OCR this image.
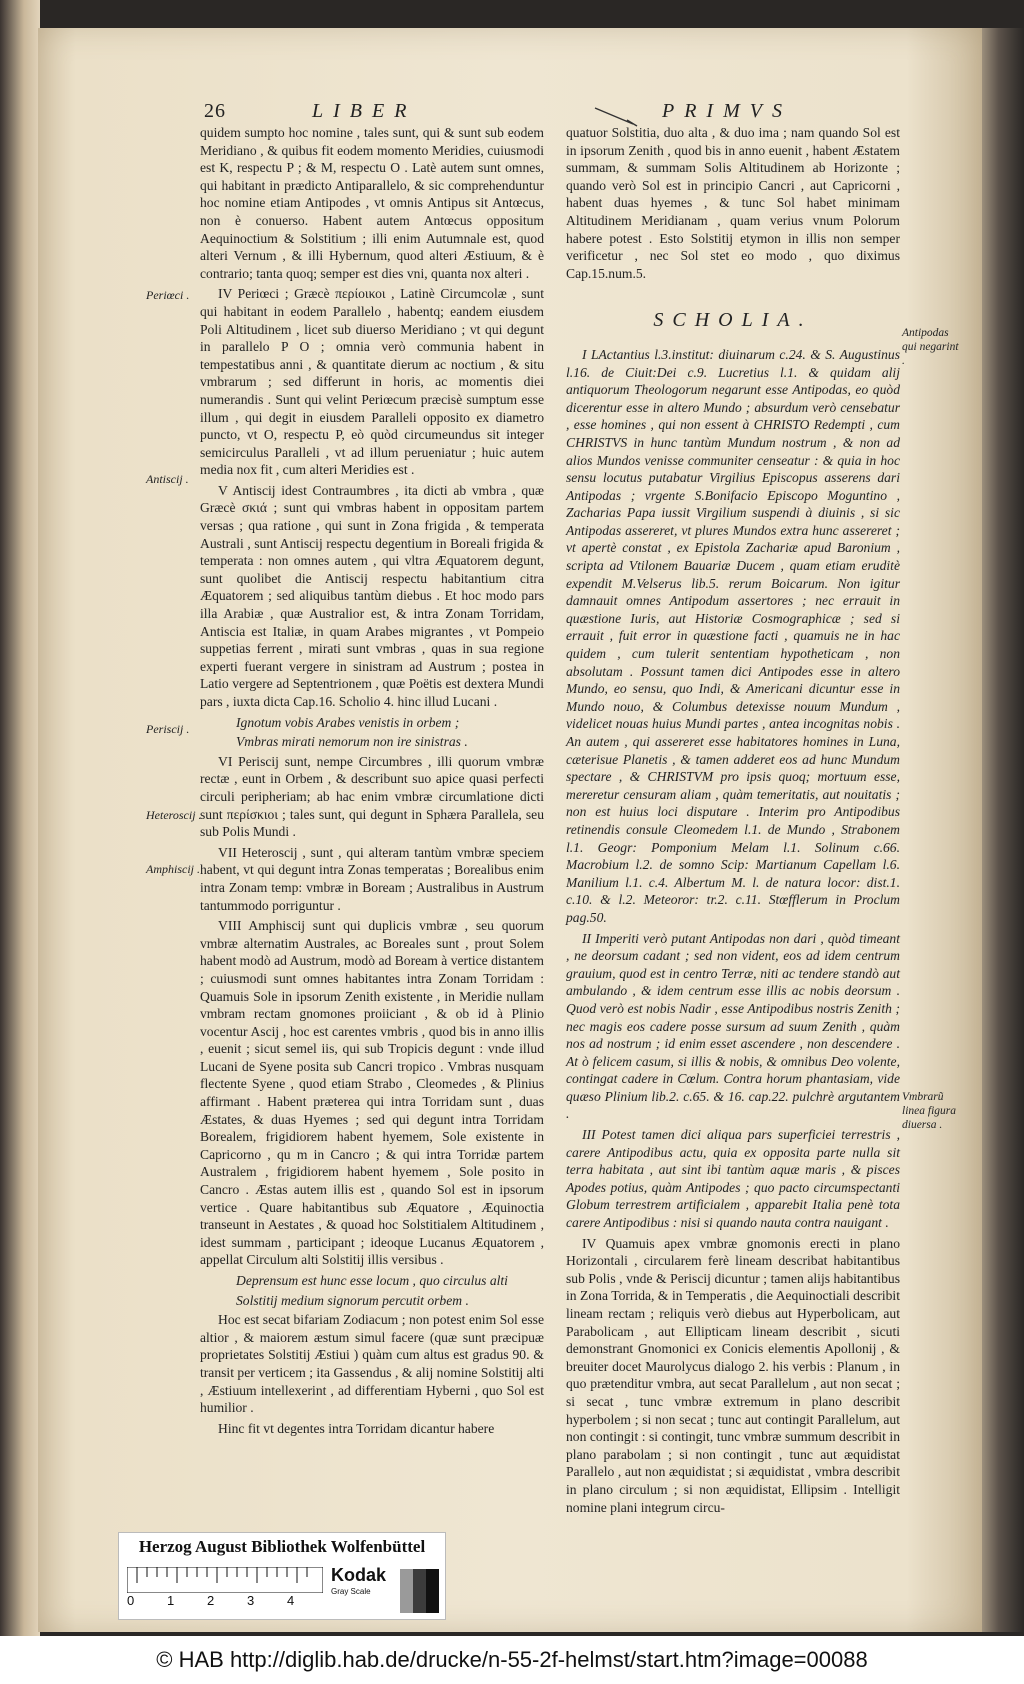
26	LIBER	PRIMVS
Periœci .
Antiscij .
Periscij .
Heteroscij .
Amphiscij .

quidem sumpto hoc nomine , tales sunt, qui & sunt sub eodem Meridiano , & quibus fit eodem momento Meridies, cuiusmodi est K, respectu P ; & M, respectu O . Latè autem sunt omnes, qui habitant in prædicto Antiparallelo, & sic comprehenduntur hoc nomine etiam Antipodes , vt omnis Antipus sit Antœcus, non è conuerso. Habent autem Antœcus oppositum Aequinoctium & Solstitium ; illi enim Autumnale est, quod alteri Vernum , & illi Hybernum, quod alteri Æstiuum, & è contrario; tanta quoq; semper est dies vni, quanta nox alteri .

IV Periœci ; Græcè περίοικοι , Latinè Circumcolæ , sunt qui habitant in eodem Parallelo , habentq; eandem eiusdem Poli Altitudinem , licet sub diuerso Meridiano ; vt qui degunt in parallelo P O ; omnia verò communia habent in tempestatibus anni , & quantitate dierum ac noctium , & situ vmbrarum ; sed differunt in horis, ac momentis diei numerandis . Sunt qui velint Periœcum præcisè sumptum esse illum , qui degit in eiusdem Paralleli opposito ex diametro puncto, vt O, respectu P, eò quòd circumeundus sit integer semicirculus Paralleli , vt ad illum perueniatur ; huic autem media nox fit , cum alteri Meridies est .

V Antiscij idest Contraumbres , ita dicti ab vmbra , quæ Græcè σκιά ; sunt qui vmbras habent in oppositam partem versas ; qua ratione , qui sunt in Zona frigida , & temperata Australi , sunt Antiscij respectu degentium in Boreali frigida & temperata : non omnes autem , qui vltra Æquatorem degunt, sunt quolibet die Antiscij respectu habitantium citra Æquatorem ; sed aliquibus tantùm diebus . Et hoc modo pars illa Arabiæ , quæ Australior est, & intra Zonam Torridam, Antiscia est Italiæ, in quam Arabes migrantes , vt Pompeio suppetias ferrent , mirati sunt vmbras , quas in sua regione experti fuerant vergere in sinistram ad Austrum ; postea in Latio vergere ad Septentrionem , quæ Poëtis est dextera Mundi pars , iuxta dicta Cap.16. Scholio 4. hinc illud Lucani .

Ignotum vobis Arabes venistis in orbem ;

Vmbras mirati nemorum non ire sinistras .

VI Periscij sunt, nempe Circumbres , illi quorum vmbræ rectæ , eunt in Orbem , & describunt suo apice quasi perfecti circuli peripheriam; ab hac enim vmbræ circumlatione dicti sunt περίσκιοι ; tales sunt, qui degunt in Sphæra Parallela, seu sub Polis Mundi .

VII Heteroscij , sunt , qui alteram tantùm vmbræ speciem habent, vt qui degunt intra Zonas temperatas ; Borealibus enim intra Zonam temp: vmbræ in Boream ; Australibus in Austrum tantummodo porriguntur .

VIII Amphiscij sunt qui duplicis vmbræ , seu quorum vmbræ alternatim Australes, ac Boreales sunt , prout Solem habent modò ad Austrum, modò ad Boream à vertice distantem ; cuiusmodi sunt omnes habitantes intra Zonam Torridam : Quamuis Sole in ipsorum Zenith existente , in Meridie nullam vmbram rectam gnomones proiiciant , & ob id à Plinio vocentur Ascij , hoc est carentes vmbris , quod bis in anno illis , euenit ; sicut semel iis, qui sub Tropicis degunt : vnde illud Lucani de Syene posita sub Cancri tropico . Vmbras nusquam flectente Syene , quod etiam Strabo , Cleomedes , & Plinius affirmant . Habent præterea qui intra Torridam sunt , duas Æstates, & duas Hyemes ; sed qui degunt intra Torridam Borealem, frigidiorem habent hyemem, Sole existente in Capricorno , qu m in Cancro ; & qui intra Torridæ partem Australem , frigidiorem habent hyemem , Sole posito in Cancro . Æstas autem illis est , quando Sol est in ipsorum vertice . Quare habitantibus sub Æquatore , Æquinoctia transeunt in Aestates , & quoad hoc Solstitialem Altitudinem , idest summam , participant ; ideoque Lucanus Æquatorem , appellat Circulum alti Solstitij illis versibus .

Deprensum est hunc esse locum , quo circulus alti

Solstitij medium signorum percutit orbem .

Hoc est secat bifariam Zodiacum ; non potest enim Sol esse altior , & maiorem æstum simul facere (quæ sunt præcipuæ proprietates Solstitij Æstiui ) quàm cum altus est gradus 90. & transit per verticem ; ita Gassendus , & alij nomine Solstitij alti , Æstiuum intellexerint , ad differentiam Hyberni , quo Sol est humilior .

Hinc fit vt degentes intra Torridam dicantur habere

quatuor Solstitia, duo alta , & duo ima ; nam quando Sol est in ipsorum Zenith , quod bis in anno euenit , habent Æstatem summam, & summam Solis Altitudinem ab Horizonte ; quando verò Sol est in principio Cancri , aut Capricorni , habent duas hyemes , & tunc Sol habet minimam Altitudinem Meridianam , quam verius vnum Polorum habere potest . Esto Solstitij etymon in illis non semper verificetur , nec Sol stet eo modo , quo diximus Cap.15.num.5.

SCHOLIA.

I LActantius l.3.institut: diuinarum c.24. & S. Augustinus l.16. de Ciuit:Dei c.9. Lucretius l.1. & quidam alij antiquorum Theologorum negarunt esse Antipodas, eo quòd dicerentur esse in altero Mundo ; absurdum verò censebatur , esse homines , qui non essent à CHRISTO Redempti , cum CHRISTVS in hunc tantùm Mundum nostrum , & non ad alios Mundos venisse communiter censeatur : & quia in hoc sensu locutus putabatur Virgilius Episcopus asserens dari Antipodas ; vrgente S.Bonifacio Episcopo Moguntino , Zacharias Papa iussit Virgilium suspendi à diuinis , si sic Antipodas assereret, vt plures Mundos extra hunc assereret ; vt apertè constat , ex Epistola Zachariæ apud Baronium , scripta ad Vtilonem Bauariæ Ducem , quam etiam eruditè expendit M.Velserus lib.5. rerum Boicarum. Non igitur damnauit omnes Antipodum assertores ; nec errauit in quæstione Iuris, aut Historiæ Cosmographicæ ; sed si errauit , fuit error in quæstione facti , quamuis ne in hac quidem , cum tulerit sententiam hypotheticam , non absolutam . Possunt tamen dici Antipodes esse in altero Mundo, eo sensu, quo Indi, & Americani dicuntur esse in Mundo nouo, & Columbus detexisse nouum Mundum , videlicet nouas huius Mundi partes , antea incognitas nobis . An autem , qui assereret esse habitatores homines in Luna, cæterisue Planetis , & tamen adderet eos ad hunc Mundum spectare , & CHRISTVM pro ipsis quoq; mortuum esse, mereretur censuram aliam , quàm temeritatis, aut nouitatis ; non est huius loci disputare . Interim pro Antipodibus retinendis consule Cleomedem l.1. de Mundo , Strabonem l.1. Geogr: Pomponium Melam l.1. Solinum c.66. Macrobium l.2. de somno Scip: Martianum Capellam l.6. Manilium l.1. c.4. Albertum M. l. de natura locor: dist.1. c.10. & l.2. Meteoror: tr.2. c.11. Stœfflerum in Proclum pag.50.

II Imperiti verò putant Antipodas non dari , quòd timeant , ne deorsum cadant ; sed non vident, eos ad idem centrum grauium, quod est in centro Terræ, niti ac tendere standò aut ambulando , & idem centrum esse illis ac nobis deorsum . Quod verò est nobis Nadir , esse Antipodibus nostris Zenith ; nec magis eos cadere posse sursum ad suum Zenith , quàm nos ad nostrum ; id enim esset ascendere , non descendere . At ò felicem casum, si illis & nobis, & omnibus Deo volente, contingat cadere in Cœlum. Contra horum phantasiam, vide quæso Plinium lib.2. c.65. & 16. cap.22. pulchrè argutantem .

III Potest tamen dici aliqua pars superficiei terrestris , carere Antipodibus actu, quia ex opposita parte nulla sit terra habitata , aut sint ibi tantùm aquæ maris , & pisces Apodes potius, quàm Antipodes ; quo pacto circumspectanti Globum terrestrem artificialem , apparebit Italia penè tota carere Antipodibus : nisi si quando nauta contra nauigant .

IV Quamuis apex vmbræ gnomonis erecti in plano Horizontali , circularem ferè lineam describat habitantibus sub Polis , vnde & Periscij dicuntur ; tamen alijs habitantibus in Zona Torrida, & in Temperatis , die Aequinoctiali describit lineam rectam ; reliquis verò diebus aut Hyperbolicam, aut Parabolicam , aut Ellipticam lineam describit , sicuti demonstrant Gnomonici ex Conicis elementis Apollonij , & breuiter docet Maurolycus dialogo 2. his verbis : Planum , in quo prætenditur vmbra, aut secat Parallelum , aut non secat ; si secat , tunc vmbræ extremum in plano describit hyperbolem ; si non secat ; tunc aut contingit Parallelum, aut non contingit : si contingit, tunc vmbræ summum describit in plano parabolam ; si non contingit , tunc aut æquidistat Parallelo , aut non æquidistat ; si æquidistat , vmbra describit in plano circulum ; si non æquidistat, Ellipsim . Intelligit nomine plani integrum circu-

Antipodas qui negarint .
Vmbrarũ linea figura diuersa .
Herzog August Bibliothek Wolfenbüttel
0	1	2	3	4
Kodak
Gray Scale
© HAB http://diglib.hab.de/drucke/n-55-2f-helmst/start.htm?image=00088
